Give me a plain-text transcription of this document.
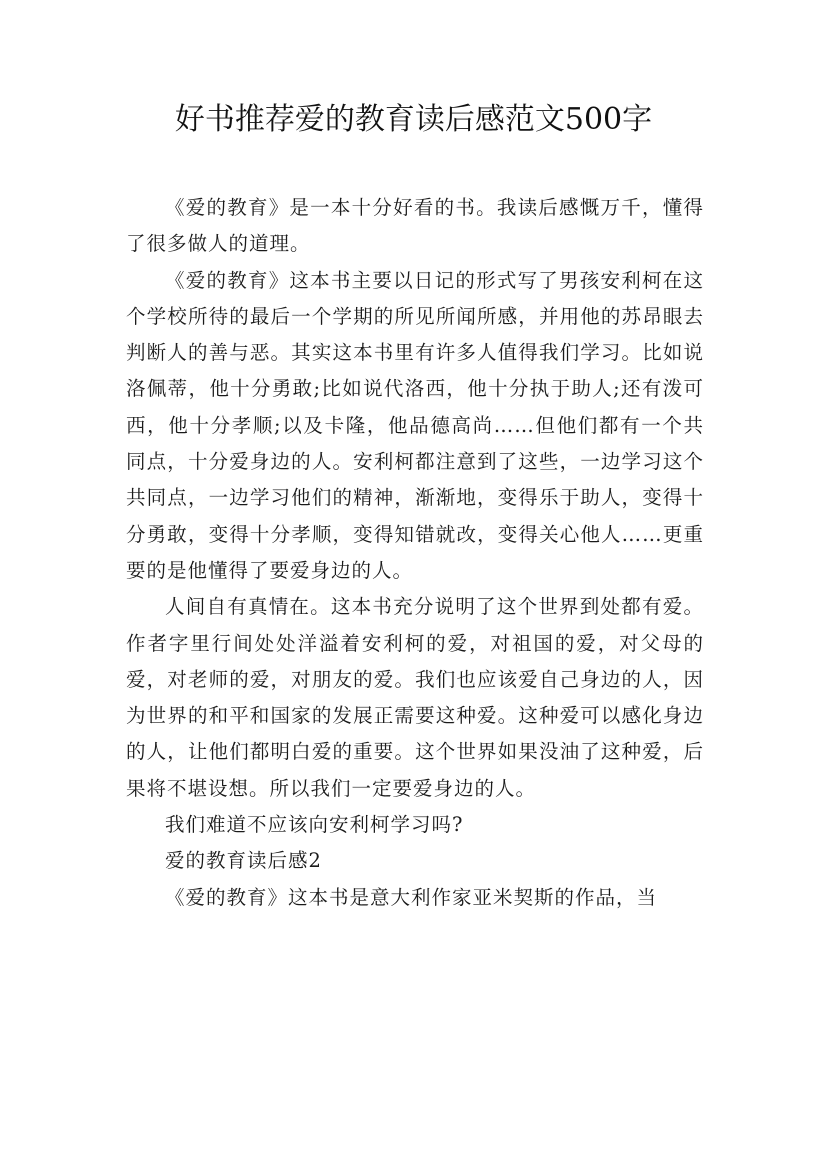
好书推荐爱的教育读后感范文500字

《爱的教育》是一本十分好看的书。我读后感慨万千，懂得了很多做人的道理。

《爱的教育》这本书主要以日记的形式写了男孩安利柯在这个学校所待的最后一个学期的所见所闻所感，并用他的苏昂眼去判断人的善与恶。其实这本书里有许多人值得我们学习。比如说洛佩蒂，他十分勇敢;比如说代洛西，他十分执于助人;还有泼可西，他十分孝顺;以及卡隆，他品德高尚……但他们都有一个共同点，十分爱身边的人。安利柯都注意到了这些，一边学习这个共同点，一边学习他们的精神，渐渐地，变得乐于助人，变得十分勇敢，变得十分孝顺，变得知错就改，变得关心他人……更重要的是他懂得了要爱身边的人。

人间自有真情在。这本书充分说明了这个世界到处都有爱。作者字里行间处处洋溢着安利柯的爱，对祖国的爱，对父母的爱，对老师的爱，对朋友的爱。我们也应该爱自己身边的人，因为世界的和平和国家的发展正需要这种爱。这种爱可以感化身边的人，让他们都明白爱的重要。这个世界如果没油了这种爱，后果将不堪设想。所以我们一定要爱身边的人。

我们难道不应该向安利柯学习吗?

爱的教育读后感2

《爱的教育》这本书是意大利作家亚米契斯的作品，当
